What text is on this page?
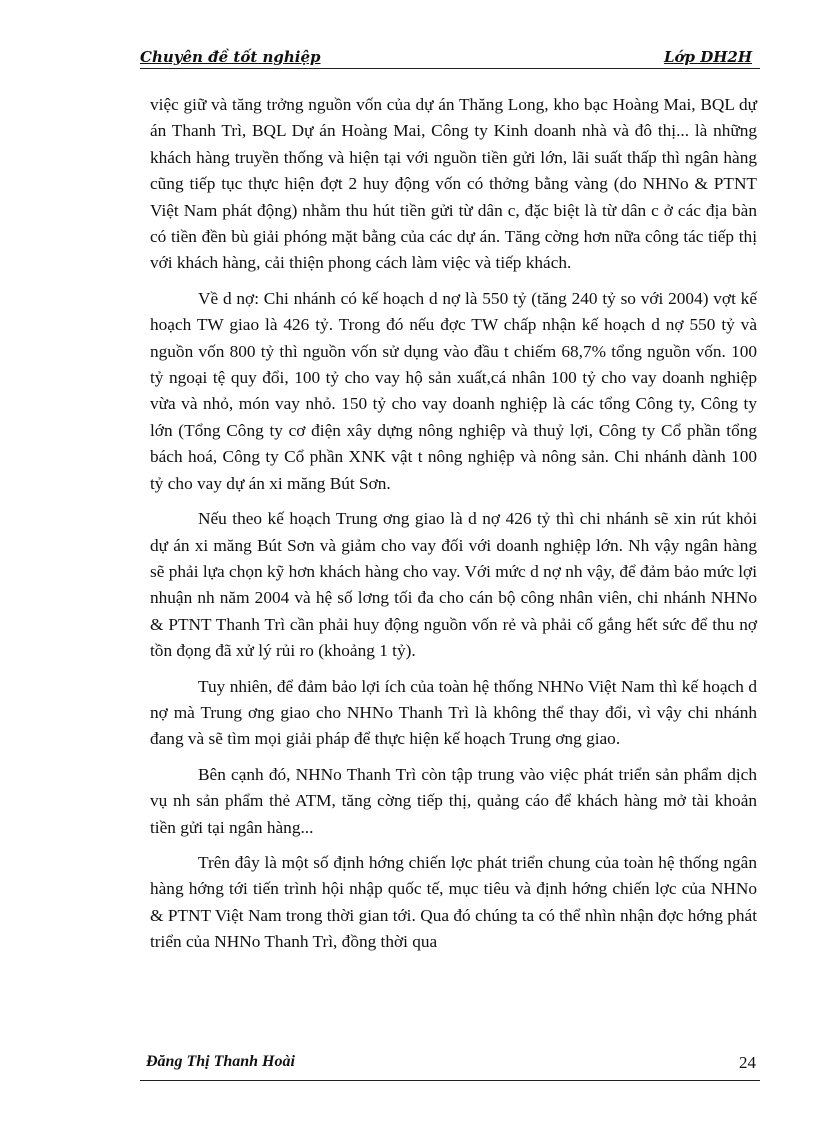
Chuyên đề tốt nghiệp	Lớp DH2H

việc giữ và tăng trởng nguồn vốn của dự án Thăng Long, kho bạc Hoàng Mai, BQL dự án Thanh Trì, BQL Dự án Hoàng Mai, Công ty Kinh doanh nhà và đô thị... là những khách hàng truyền thống và hiện tại với nguồn tiền gửi lớn, lãi suất thấp thì ngân hàng cũng tiếp tục thực hiện đợt 2 huy động vốn có thởng bằng vàng (do NHNo & PTNT Việt Nam phát động) nhằm thu hút tiền gửi từ dân c, đặc biệt là từ dân c ở các địa bàn có tiền đền bù giải phóng mặt bằng của các dự án. Tăng cờng hơn nữa công tác tiếp thị với khách hàng, cải thiện phong cách làm việc và tiếp khách.

Về d nợ: Chi nhánh có kế hoạch d nợ là 550 tỷ (tăng 240 tỷ so với 2004) vợt kế hoạch TW giao là 426 tỷ. Trong đó nếu đợc TW chấp nhận kế hoạch d nợ 550 tỷ và nguồn vốn 800 tỷ thì nguồn vốn sử dụng vào đầu t chiếm 68,7% tổng nguồn vốn. 100 tỷ ngoại tệ quy đổi, 100 tỷ cho vay hộ sản xuất,cá nhân 100 tỷ cho vay doanh nghiệp vừa và nhỏ, món vay nhỏ. 150 tỷ cho vay doanh nghiệp là các tổng Công ty, Công ty lớn (Tổng Công ty cơ điện xây dựng nông nghiệp và thuỷ lợi, Công ty Cổ phần tổng bách hoá, Công ty Cổ phần XNK vật t nông nghiệp và nông sản. Chi nhánh dành 100 tỷ cho vay dự án xi măng Bút Sơn.

Nếu theo kế hoạch Trung ơng giao là d nợ 426 tỷ thì chi nhánh sẽ xin rút khỏi dự án xi măng Bút Sơn và giảm cho vay đối với doanh nghiệp lớn. Nh vậy ngân hàng sẽ phải lựa chọn kỹ hơn khách hàng cho vay. Với mức d nợ nh vậy, để đảm bảo mức lợi nhuận nh năm 2004 và hệ số lơng tối đa cho cán bộ công nhân viên, chi nhánh NHNo & PTNT Thanh Trì cần phải huy động nguồn vốn rẻ và phải cố gắng hết sức để thu nợ tồn đọng đã xử lý rủi ro (khoảng 1 tỷ).

Tuy nhiên, để đảm bảo lợi ích của toàn hệ thống NHNo Việt Nam thì kế hoạch d nợ mà Trung ơng giao cho NHNo Thanh Trì là không thể thay đổi, vì vậy chi nhánh đang và sẽ tìm mọi giải pháp để thực hiện kế hoạch Trung ơng giao.

Bên cạnh đó, NHNo Thanh Trì còn tập trung vào việc phát triển sản phẩm dịch vụ nh sản phẩm thẻ ATM, tăng cờng tiếp thị, quảng cáo để khách hàng mở tài khoản tiền gửi tại ngân hàng...

Trên đây là một số định hớng chiến lợc phát triển chung của toàn hệ thống ngân hàng hớng tới tiến trình hội nhập quốc tế, mục tiêu và định hớng chiến lợc của NHNo & PTNT Việt Nam trong thời gian tới. Qua đó chúng ta có thể nhìn nhận đợc hớng phát triển của NHNo Thanh Trì, đồng thời qua

Đăng Thị Thanh Hoài	24
